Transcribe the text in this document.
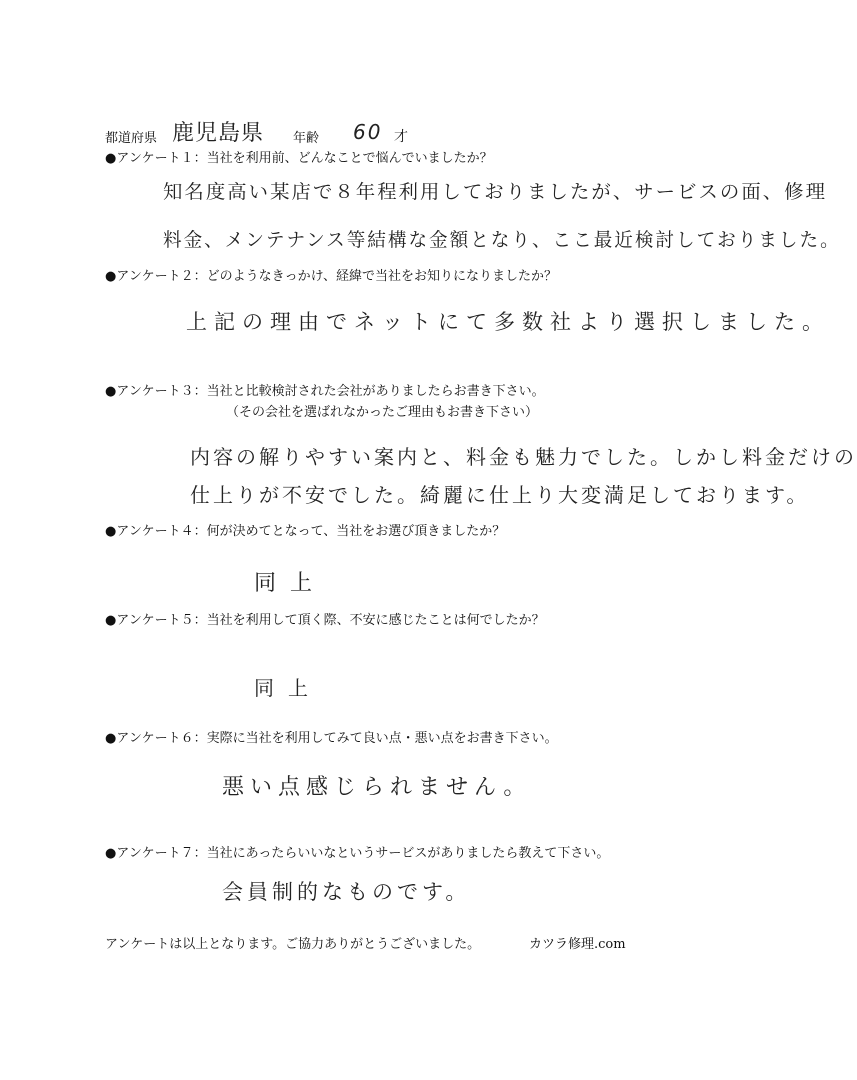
都道府県 鹿児島県 年齢 60 才
●アンケート１：当社を利用前、どんなことで悩んでいましたか？
知名度高い某店で８年程利用しておりましたが、サービスの面、修理
料金、メンテナンス等結構な金額となり、ここ最近検討しておりました。
●アンケート２：どのようなきっかけ、経緯で当社をお知りになりましたか？
上記の理由でネットにて多数社より選択しました。
●アンケート３：当社と比較検討された会社がありましたらお書き下さい。
（その会社を選ばれなかったご理由もお書き下さい）
内容の解りやすい案内と、料金も魅力でした。しかし料金だけの
仕上りが不安でした。綺麗に仕上り大変満足しております。
●アンケート４：何が決めてとなって、当社をお選び頂きましたか？
同上
●アンケート５：当社を利用して頂く際、不安に感じたことは何でしたか？
同上
●アンケート６：実際に当社を利用してみて良い点・悪い点をお書き下さい。
悪い点感じられません。
●アンケート７：当社にあったらいいなというサービスがありましたら教えて下さい。
会員制的なものです。
アンケートは以上となります。ご協力ありがとうございました。	カツラ修理.com
